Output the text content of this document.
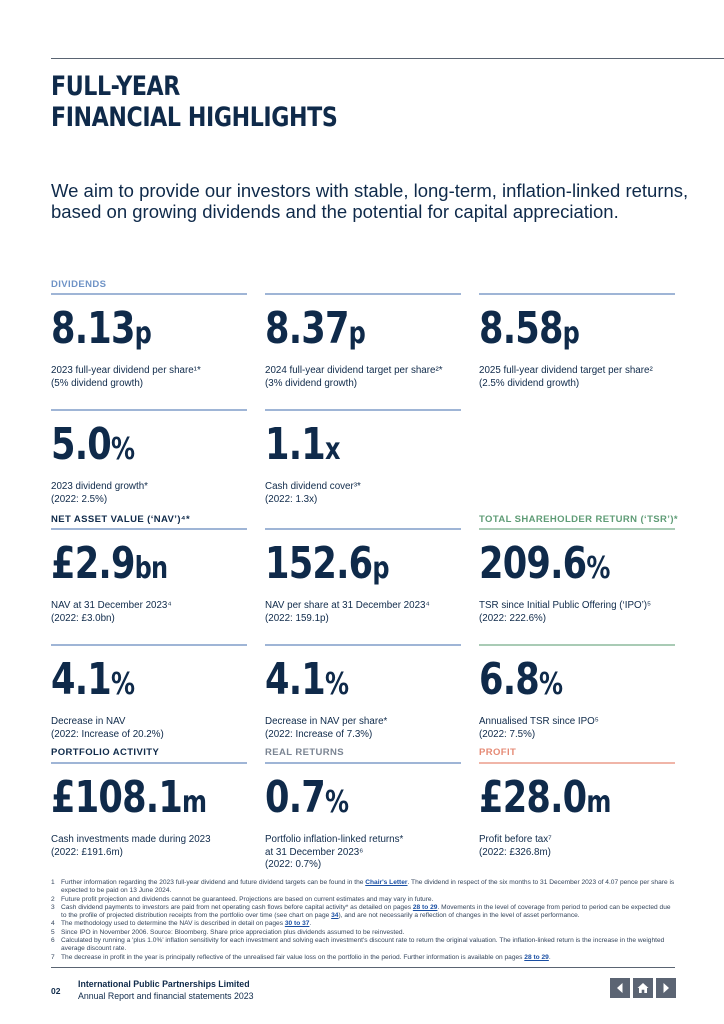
FULL-YEAR
FINANCIAL HIGHLIGHTS

We aim to provide our investors with stable, long-term, inflation-linked returns, based on growing dividends and the potential for capital appreciation.

DIVIDENDS
8.13p
2023 full-year dividend per share¹*
(5% dividend growth)
8.37p
2024 full-year dividend target per share²*
(3% dividend growth)
8.58p
2025 full-year dividend target per share²
(2.5% dividend growth)
5.0%
2023 dividend growth*
(2022: 2.5%)
1.1x
Cash dividend cover³*
(2022: 1.3x)
NET ASSET VALUE (‘NAV’)⁴*	TOTAL SHAREHOLDER RETURN (‘TSR’)*
£2.9bn
NAV at 31 December 2023⁴
(2022: £3.0bn)
152.6p
NAV per share at 31 December 2023⁴
(2022: 159.1p)
209.6%
TSR since Initial Public Offering (‘IPO’)⁵
(2022: 222.6%)
4.1%
Decrease in NAV
(2022: Increase of 20.2%)
4.1%
Decrease in NAV per share*
(2022: Increase of 7.3%)
6.8%
Annualised TSR since IPO⁵
(2022: 7.5%)
PORTFOLIO ACTIVITY	REAL RETURNS	PROFIT
£108.1m
Cash investments made during 2023
(2022: £191.6m)
0.7%
Portfolio inflation-linked returns*
at 31 December 2023⁶
(2022: 0.7%)
£28.0m
Profit before tax⁷
(2022: £326.8m)
1 Further information regarding the 2023 full-year dividend and future dividend targets can be found in the Chair's Letter. The dividend in respect of the six months to 31 December 2023 of 4.07 pence per share is expected to be paid on 13 June 2024.
2 Future profit projection and dividends cannot be guaranteed. Projections are based on current estimates and may vary in future.
3 Cash dividend payments to investors are paid from net operating cash flows before capital activity* as detailed on pages 28 to 29. Movements in the level of coverage from period to period can be expected due to the profile of projected distribution receipts from the portfolio over time (see chart on page 34), and are not necessarily a reflection of changes in the level of asset performance.
4 The methodology used to determine the NAV is described in detail on pages 30 to 37.
5 Since IPO in November 2006. Source: Bloomberg. Share price appreciation plus dividends assumed to be reinvested.
6 Calculated by running a 'plus 1.0%' inflation sensitivity for each investment and solving each investment's discount rate to return the original valuation. The inflation-linked return is the increase in the weighted average discount rate.
7 The decrease in profit in the year is principally reflective of the unrealised fair value loss on the portfolio in the period. Further information is available on pages 28 to 29.
02
International Public Partnerships Limited
Annual Report and financial statements 2023
